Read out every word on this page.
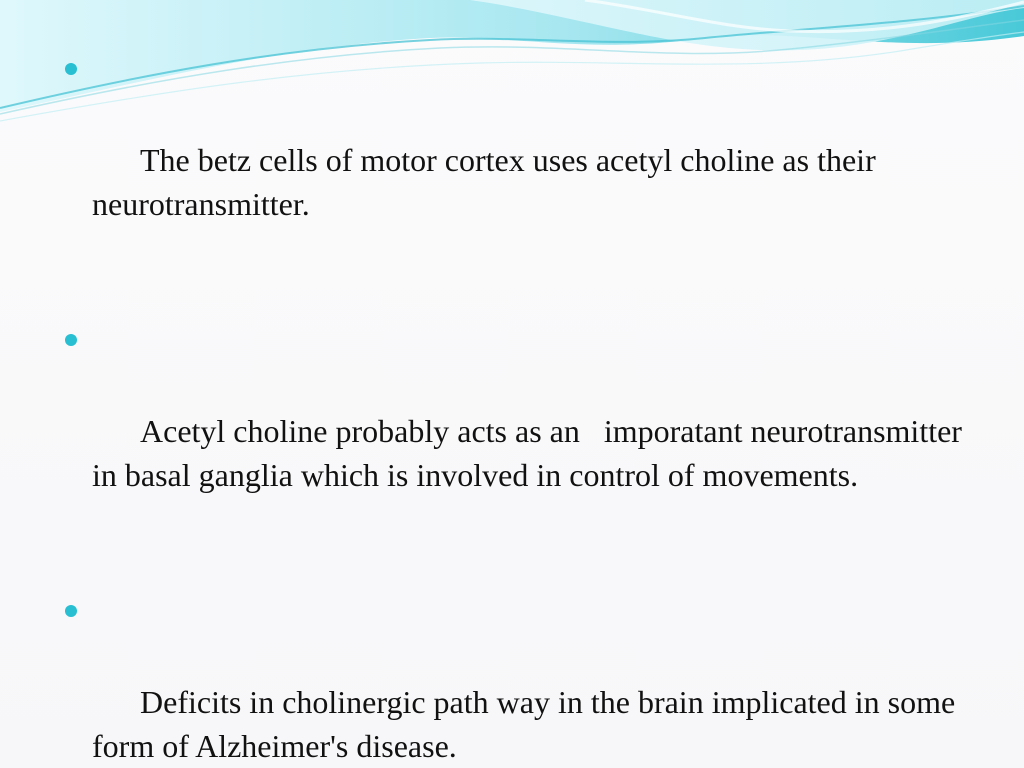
The betz cells of motor cortex uses acetyl choline as their neurotransmitter.

Acetyl choline probably acts as an   imporatant neurotransmitter in basal ganglia which is involved in control of movements.

Deficits in cholinergic path way in the brain implicated in some form of Alzheimer's disease.
